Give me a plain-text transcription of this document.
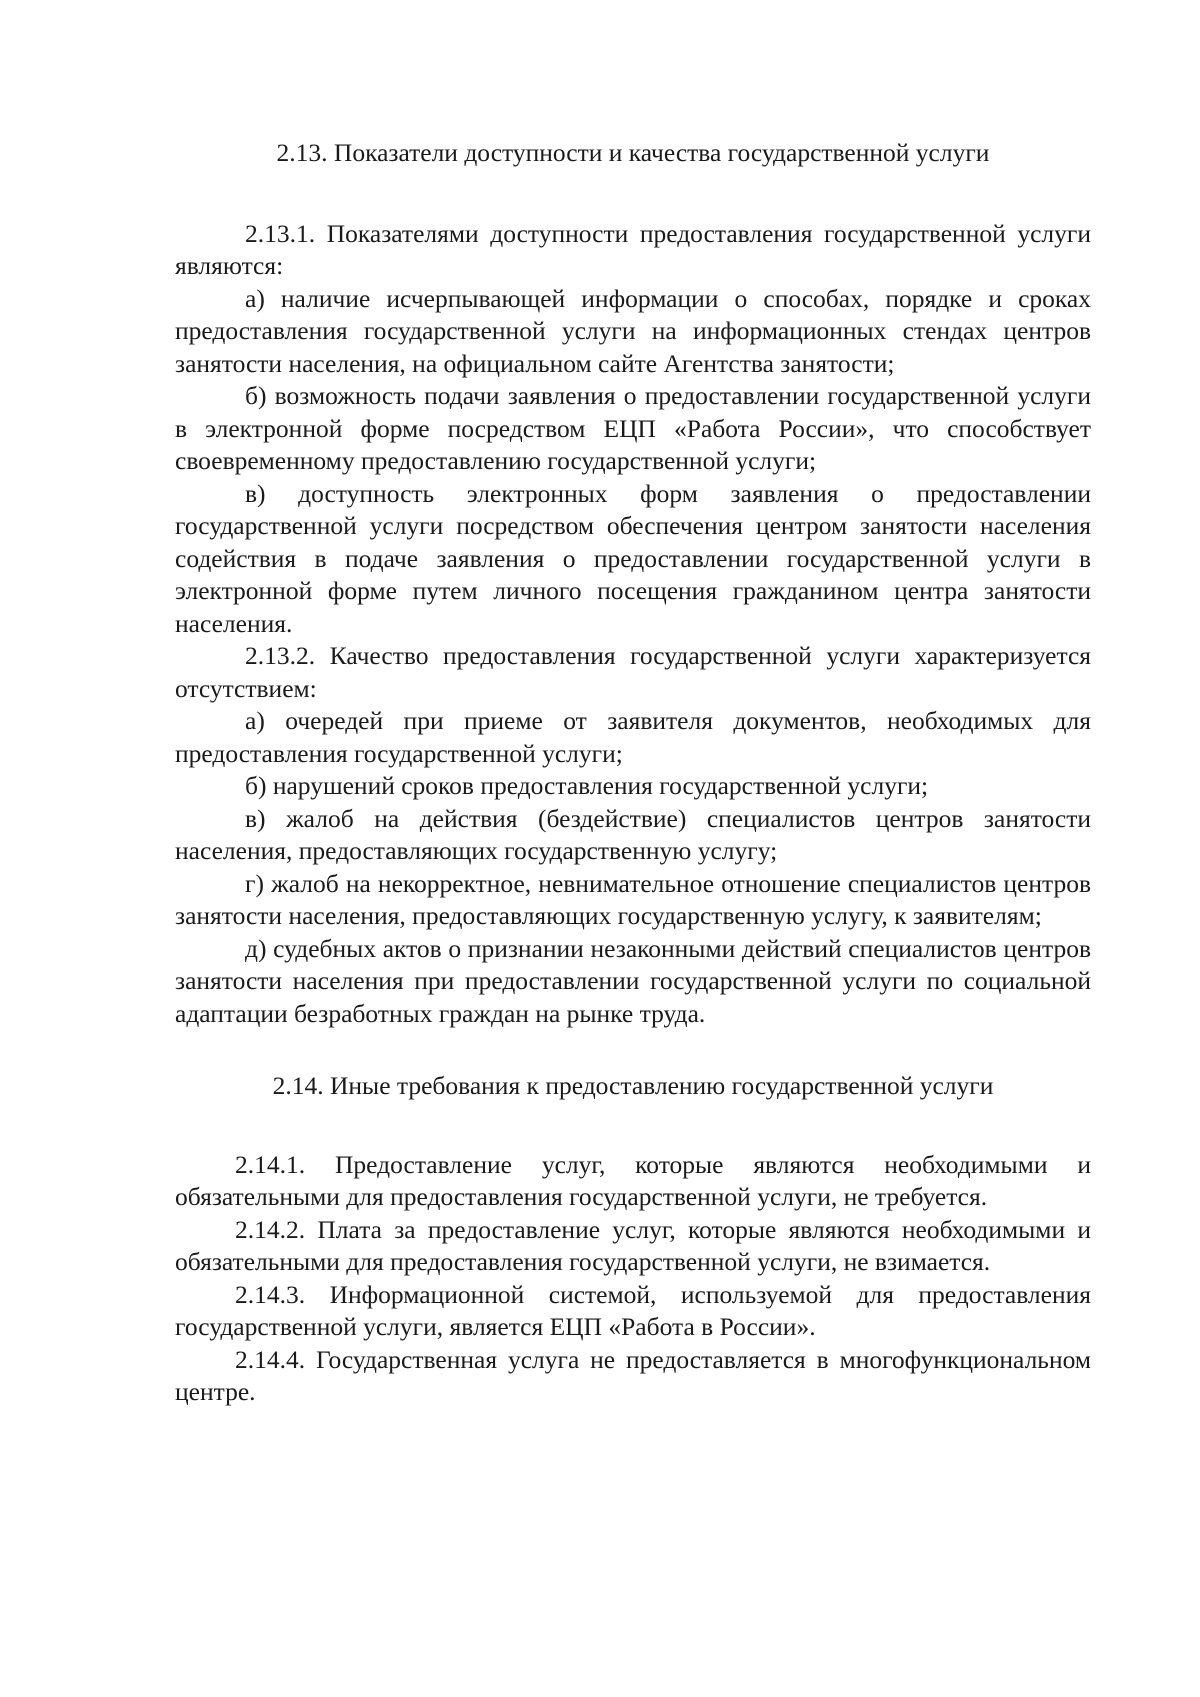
2.13. Показатели доступности и качества государственной услуги

2.13.1. Показателями доступности предоставления государственной услуги являются:

а) наличие исчерпывающей информации о способах, порядке и сроках предоставления государственной услуги на информационных стендах центров занятости населения, на официальном сайте Агентства занятости;

б) возможность подачи заявления о предоставлении государственной услуги в электронной форме посредством ЕЦП «Работа России», что способствует своевременному предоставлению государственной услуги;

в) доступность электронных форм заявления о предоставлении государственной услуги посредством обеспечения центром занятости населения содействия в подаче заявления о предоставлении государственной услуги в электронной форме путем личного посещения гражданином центра занятости населения.

2.13.2. Качество предоставления государственной услуги характеризуется отсутствием:

а) очередей при приеме от заявителя документов, необходимых для предоставления государственной услуги;

б) нарушений сроков предоставления государственной услуги;

в) жалоб на действия (бездействие) специалистов центров занятости населения, предоставляющих государственную услугу;

г) жалоб на некорректное, невнимательное отношение специалистов центров занятости населения, предоставляющих государственную услугу, к заявителям;

д) судебных актов о признании незаконными действий специалистов центров занятости населения при предоставлении государственной услуги по социальной адаптации безработных граждан на рынке труда.

2.14. Иные требования к предоставлению государственной услуги

2.14.1. Предоставление услуг, которые являются необходимыми и обязательными для предоставления государственной услуги, не требуется.

2.14.2. Плата за предоставление услуг, которые являются необходимыми и обязательными для предоставления государственной услуги, не взимается.

2.14.3. Информационной системой, используемой для предоставления государственной услуги, является ЕЦП «Работа в России».

2.14.4. Государственная услуга не предоставляется в многофункциональном центре.
